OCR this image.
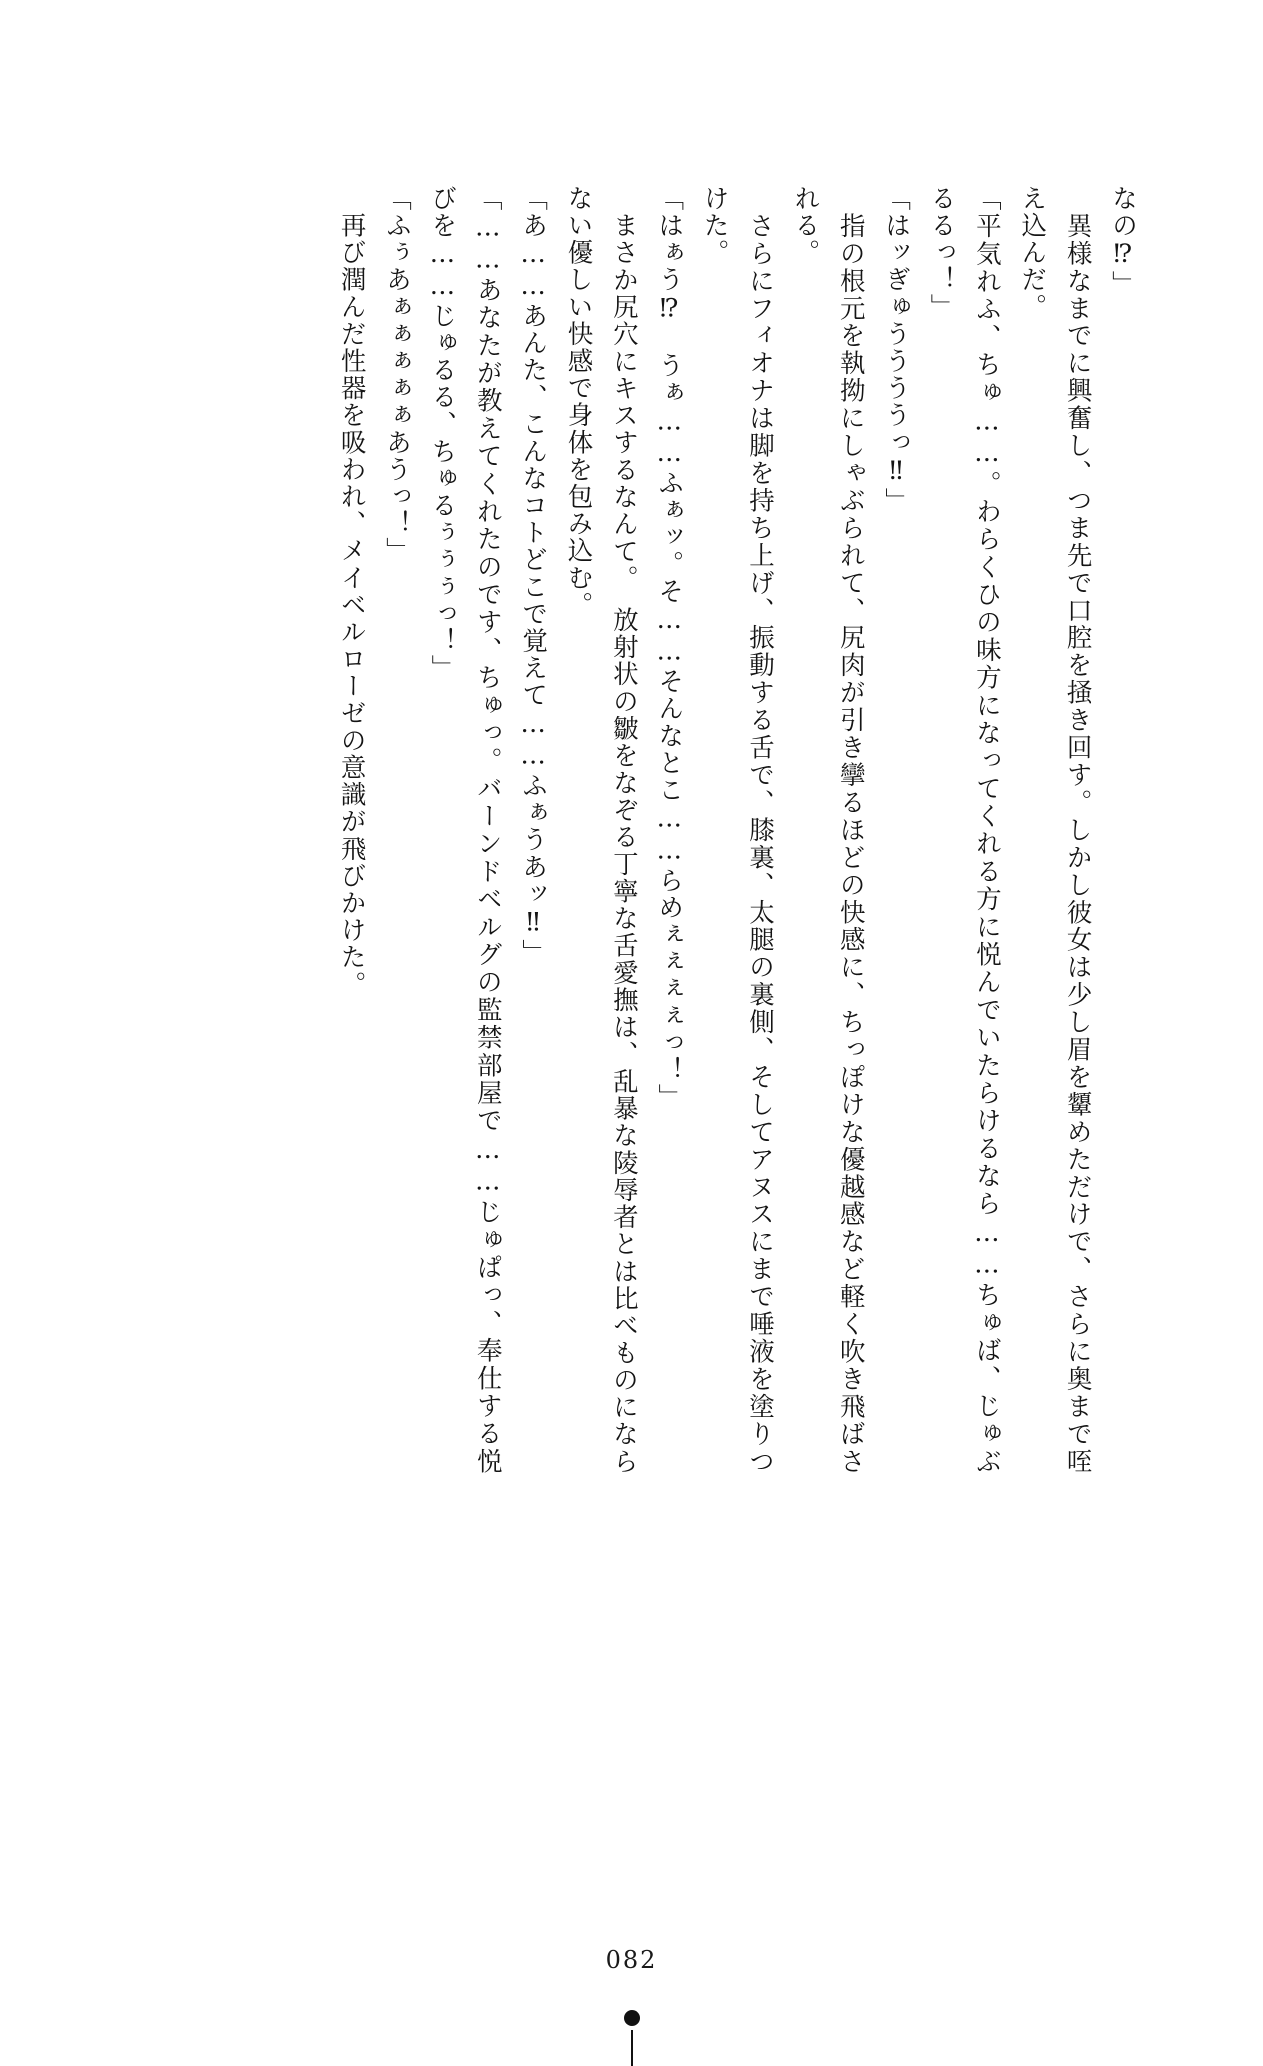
なの⁉」

　異様なまでに興奮し、つま先で口腔を掻き回す。しかし彼女は少し眉を顰めただけで、さらに奥まで咥え込んだ。

「平気れふ、ちゅ……。わらくひの味方になってくれる方に悦んでいたらけるなら……ちゅば、じゅぶるるっ！」

「はッぎゅううううっ‼」

　指の根元を執拗にしゃぶられて、尻肉が引き攣るほどの快感に、ちっぽけな優越感など軽く吹き飛ばされる。

　さらにフィオナは脚を持ち上げ、振動する舌で、膝裏、太腿の裏側、そしてアヌスにまで唾液を塗りつけた。

「はぁう⁉　うぁ……ふぁッ。そ……そんなとこ……らめぇぇぇぇっ！」

　まさか尻穴にキスするなんて。　放射状の皺をなぞる丁寧な舌愛撫は、乱暴な陵辱者とは比べものにならない優しい快感で身体を包み込む。

「あ……あんた、こんなコトどこで覚えて……ふぁうあッ‼」

「……あなたが教えてくれたのです、ちゅっ。バーンドベルグの監禁部屋で……じゅぱっ、奉仕する悦びを……じゅるる、ちゅるぅぅぅっ！」

「ふぅあぁぁぁぁぁあうっ！」

　再び潤んだ性器を吸われ、メイベルローゼの意識が飛びかけた。

082
